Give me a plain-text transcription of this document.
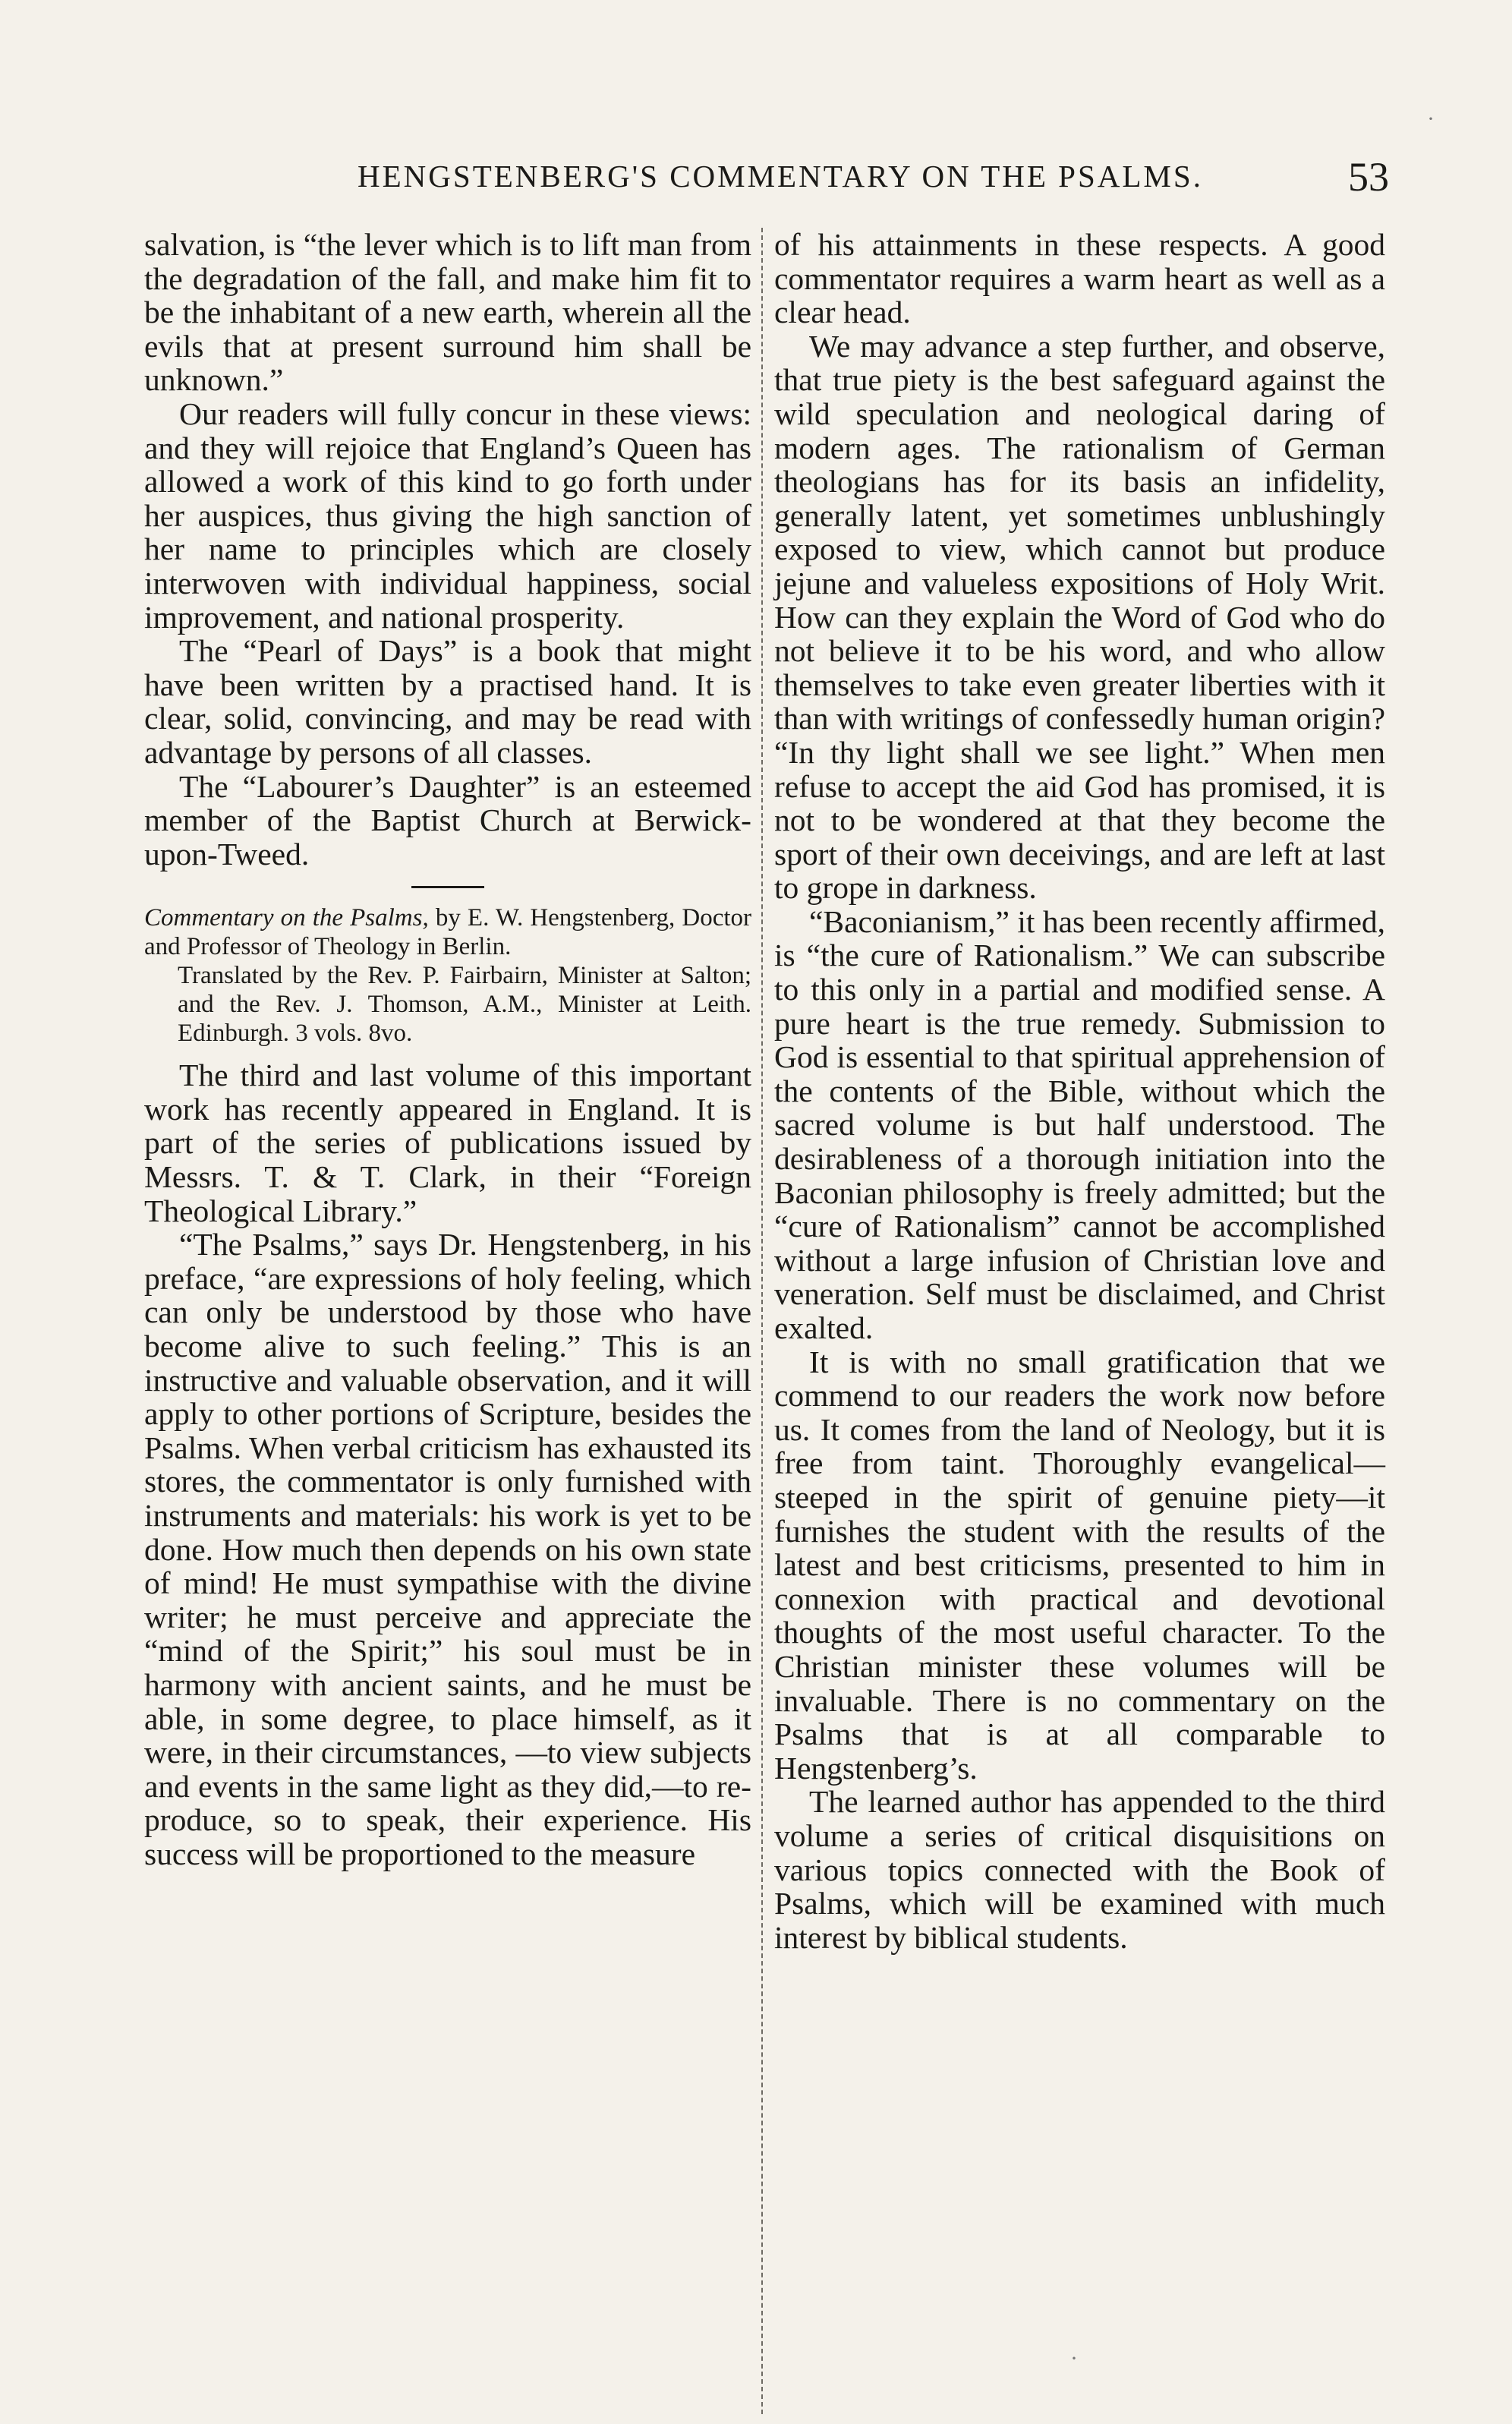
HENGSTENBERG'S COMMENTARY ON THE PSALMS.	53

salvation, is “the lever which is to lift man from the degradation of the fall, and make him fit to be the inhabitant of a new earth, wherein all the evils that at present surround him shall be unknown.”

Our readers will fully concur in these views: and they will rejoice that England’s Queen has allowed a work of this kind to go forth under her auspices, thus giving the high sanction of her name to principles which are closely interwoven with individual happiness, social improvement, and national prosperity.

The “Pearl of Days” is a book that might have been written by a practised hand. It is clear, solid, convincing, and may be read with advantage by persons of all classes.

The “Labourer’s Daughter” is an esteemed member of the Baptist Church at Berwick-upon-Tweed.

Commentary on the Psalms, by E. W. Hengstenberg, Doctor and Professor of Theology in Berlin.
Translated by the Rev. P. Fairbairn, Minister at Salton; and the Rev. J. Thomson, A.M., Minister at Leith. Edinburgh. 3 vols. 8vo.

The third and last volume of this important work has recently appeared in England. It is part of the series of publications issued by Messrs. T. & T. Clark, in their “Foreign Theological Library.”

“The Psalms,” says Dr. Hengstenberg, in his preface, “are expressions of holy feeling, which can only be understood by those who have become alive to such feeling.” This is an instructive and valuable observation, and it will apply to other portions of Scripture, besides the Psalms. When verbal criticism has exhausted its stores, the commentator is only furnished with instruments and materials: his work is yet to be done. How much then depends on his own state of mind! He must sympathise with the divine writer; he must perceive and appreciate the “mind of the Spirit;” his soul must be in harmony with ancient saints, and he must be able, in some degree, to place himself, as it were, in their circumstances, —to view subjects and events in the same light as they did,—to re-produce, so to speak, their experience. His success will be proportioned to the measure

of his attainments in these respects. A good commentator requires a warm heart as well as a clear head.

We may advance a step further, and observe, that true piety is the best safeguard against the wild speculation and neological daring of modern ages. The rationalism of German theologians has for its basis an infidelity, generally latent, yet sometimes unblushingly exposed to view, which cannot but produce jejune and valueless expositions of Holy Writ. How can they explain the Word of God who do not believe it to be his word, and who allow themselves to take even greater liberties with it than with writings of confessedly human origin? “In thy light shall we see light.” When men refuse to accept the aid God has promised, it is not to be wondered at that they become the sport of their own deceivings, and are left at last to grope in darkness.

“Baconianism,” it has been recently affirmed, is “the cure of Rationalism.” We can subscribe to this only in a partial and modified sense. A pure heart is the true remedy. Submission to God is essential to that spiritual apprehension of the contents of the Bible, without which the sacred volume is but half understood. The desirableness of a thorough initiation into the Baconian philosophy is freely admitted; but the “cure of Rationalism” cannot be accomplished without a large infusion of Christian love and veneration. Self must be disclaimed, and Christ exalted.

It is with no small gratification that we commend to our readers the work now before us. It comes from the land of Neology, but it is free from taint. Thoroughly evangelical—steeped in the spirit of genuine piety—it furnishes the student with the results of the latest and best criticisms, presented to him in connexion with practical and devotional thoughts of the most useful character. To the Christian minister these volumes will be invaluable. There is no commentary on the Psalms that is at all comparable to Hengstenberg’s.

The learned author has appended to the third volume a series of critical disquisitions on various topics connected with the Book of Psalms, which will be examined with much interest by biblical students.

·
·
